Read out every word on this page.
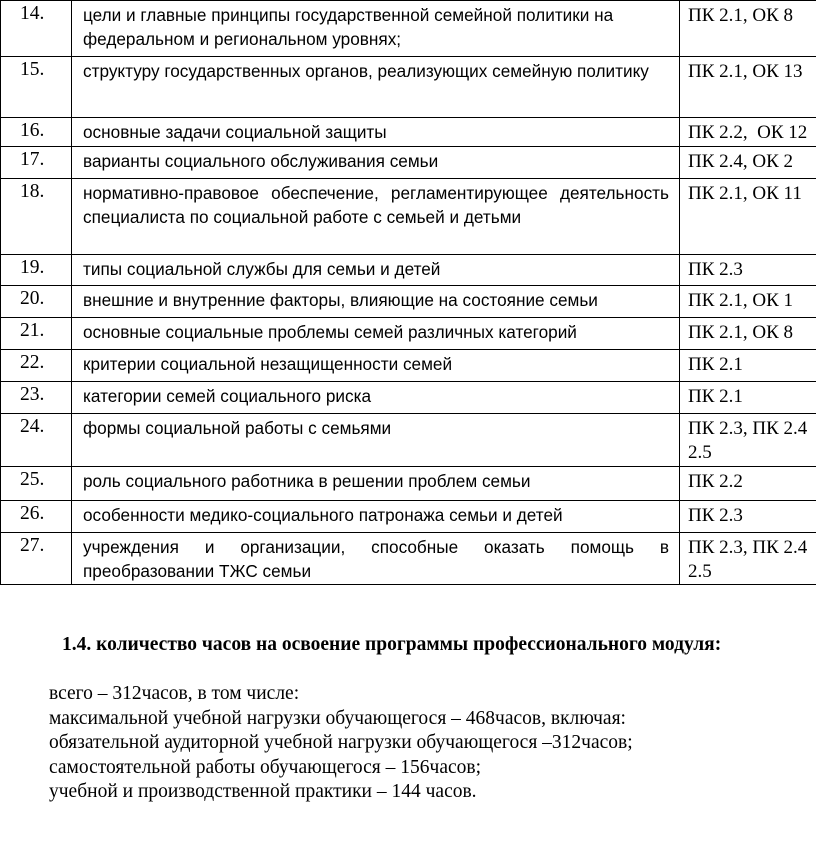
14.	цели и главные принципы государственной семейной политики на федеральном и региональном уровнях;	ПК 2.1, ОК 8
15.	структуру государственных органов, реализующих семейную политику	ПК 2.1, ОК 13
16.	основные задачи социальной защиты	ПК 2.2,  ОК 12
17.	варианты социального обслуживания семьи	ПК 2.4, ОК 2
18.	нормативно-правовое обеспечение, регламентирующее деятельность специалиста по социальной работе с семьей и детьми	ПК 2.1, ОК 11
19.	типы социальной службы для семьи и детей	ПК 2.3
20.	внешние и внутренние факторы, влияющие на состояние семьи	ПК 2.1, ОК 1
21.	основные социальные проблемы семей различных категорий	ПК 2.1, ОК 8
22.	критерии социальной незащищенности семей	ПК 2.1
23.	категории семей социального риска	ПК 2.1
24.	формы социальной работы с семьями	ПК 2.3, ПК 2.4 2.5
25.	роль социального работника в решении проблем семьи	ПК 2.2
26.	особенности медико-социального патронажа семьи и детей	ПК 2.3
27.	учреждения и организации, способные оказать помощь в преобразовании ТЖС семьи	ПК 2.3, ПК 2.4 2.5
1.4. количество часов на освоение программы профессионального модуля:
всего – 312часов, в том числе:
максимальной учебной нагрузки обучающегося – 468часов, включая:
обязательной аудиторной учебной нагрузки обучающегося –312часов;
самостоятельной работы обучающегося – 156часов;
учебной и производственной практики – 144 часов.
